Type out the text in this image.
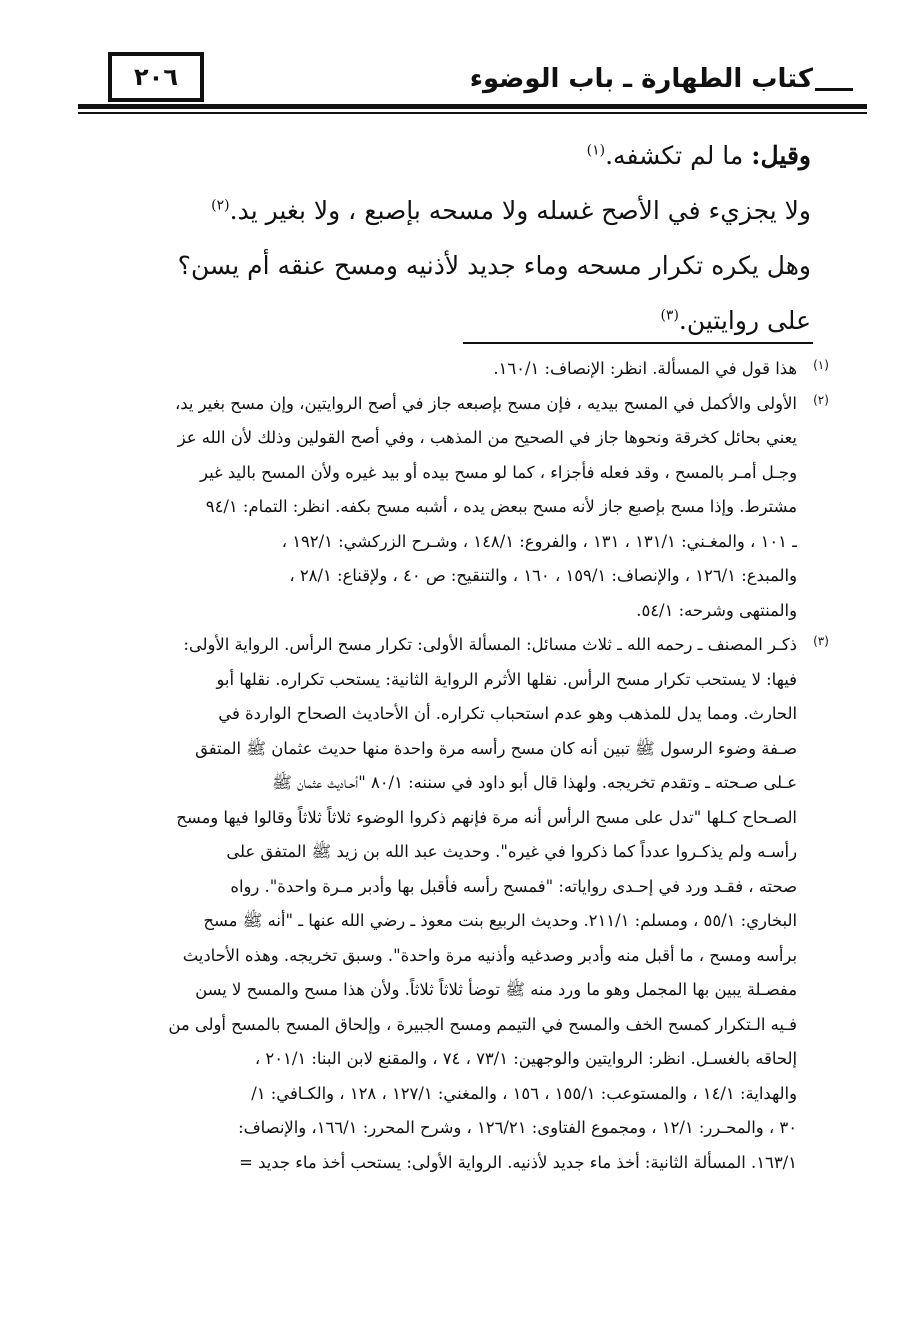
٢٠٦	كتاب الطهارة ـ باب الوضوء
وقيل: ما لم تكشفه.$^{(١)}$
ولا يجزيء في الأصح غسله ولا مسحه بإصبع ، ولا بغير يد.$^{(٢)}$
وهل يكره تكرار مسحه وماء جديد لأذنيه ومسح عنقه أم يسن؟
على روايتين.$^{(٣)}$
(١)
هذا قول في المسألة. انظر: الإنصاف: ١٦٠/١.
(٢)
الأولى والأكمل في المسح بيديه ، فإن مسح بإصبعه جاز في أصح الروايتين، وإن مسح بغير يد،
يعني بحائل كخرقة ونحوها جاز في الصحيح من المذهب ، وفي أصح القولين وذلك لأن الله عز
وجـل أمـر بالمسح ، وقد فعله فأجزاء ، كما لو مسح بيده أو بيد غيره ولأن المسح باليد غير
مشترط. وإذا مسح بإصبع جاز لأنه مسح ببعض يده ، أشبه مسح بكفه. انظر: التمام: ٩٤/١
ـ ١٠١ ، والمغـني: ١٣١/١ ، ١٣١ ، والفروع: ١٤٨/١ ، وشـرح الزركشي: ١٩٢/١ ،
والمبدع: ١٢٦/١ ، والإنصاف: ١٥٩/١ ، ١٦٠ ، والتنقيح: ص ٤٠ ، ولإقناع: ٢٨/١ ،
والمنتهى وشرحه: ٥٤/١.
(٣)
ذكـر المصنف ـ رحمه الله ـ ثلاث مسائل: المسألة الأولى: تكرار مسح الرأس. الرواية الأولى:
فيها: لا يستحب تكرار مسح الرأس. نقلها الأثرم الرواية الثانية: يستحب تكراره. نقلها أبو
الحارث. ومما يدل للمذهب وهو عدم استحباب تكراره. أن الأحاديث الصحاح الواردة في
صـفة وضوء الرسول ﷺ تبين أنه كان مسح رأسه مرة واحدة منها حديث عثمان ﷺ المتفق
عـلى صـحته ـ وتقدم تخريجه. ولهذا قال أبو داود في سننه: ٨٠/١ "أحـاديث عثمان ﷺ
الصـحاح كـلها "تدل على مسح الرأس أنه مرة فإنهم ذكروا الوضوء ثلاثاً ثلاثاً وقالوا فيها ومسح
رأسـه ولم يذكـروا عدداً كما ذكروا في غيره". وحديث عبد الله بن زيد ﷺ المتفق على
صحته ، فقـد ورد في إحـدى رواياته: "فمسح رأسه فأقبل بها وأدبر مـرة واحدة". رواه
البخاري: ٥٥/١ ، ومسلم: ٢١١/١. وحديث الربيع بنت معوذ ـ رضي الله عنها ـ "أنه ﷺ مسح
برأسه ومسح ، ما أقبل منه وأدبر وصدغيه وأذنيه مرة واحدة". وسبق تخريجه. وهذه الأحاديث
مفصـلة يبين بها المجمل وهو ما ورد منه ﷺ توضأ ثلاثاً ثلاثاً. ولأن هذا مسح والمسح لا يسن
فـيه الـتكرار كمسح الخف والمسح في التيمم ومسح الجبيرة ، وإلحاق المسح بالمسح أولى من
إلحاقه بالغسـل. انظر: الروايتين والوجهين: ٧٣/١ ، ٧٤ ، والمقنع لابن البنا: ٢٠١/١ ،
والهداية: ١٤/١ ، والمستوعب: ١٥٥/١ ، ١٥٦ ، والمغني: ١٢٧/١ ، ١٢٨ ، والكـافي: ١/
٣٠ ، والمحـرر: ١٢/١ ، ومجموع الفتاوى: ١٢٦/٢١ ، وشرح المحرر: ١٦٦/١، والإنصاف:
١٦٣/١. المسألة الثانية: أخذ ماء جديد لأذنيه. الرواية الأولى: يستحب أخذ ماء جديد =
